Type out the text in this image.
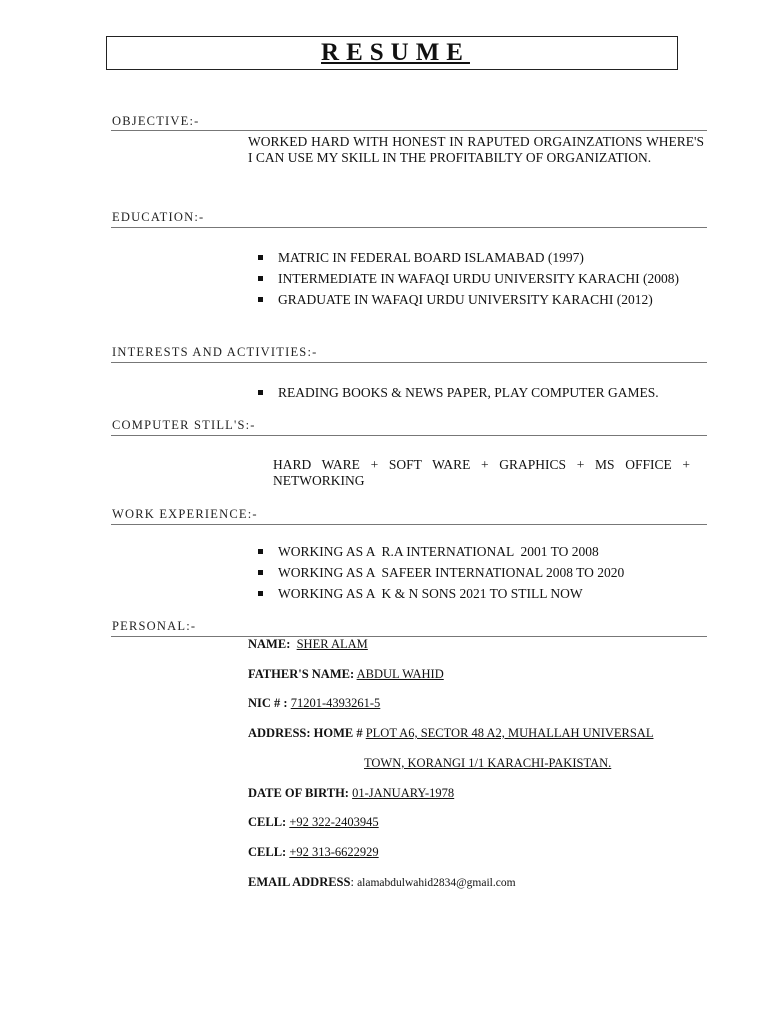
RESUME
OBJECTIVE:-
WORKED HARD WITH HONEST IN RAPUTED ORGAINZATIONS WHERE'S I CAN USE MY SKILL IN THE PROFITABILTY OF ORGANIZATION.
EDUCATION:-
MATRIC IN FEDERAL BOARD ISLAMABAD (1997)
INTERMEDIATE IN WAFAQI URDU UNIVERSITY KARACHI (2008)
GRADUATE IN WAFAQI URDU UNIVERSITY KARACHI (2012)
INTERESTS AND ACTIVITIES:-
READING BOOKS & NEWS PAPER, PLAY COMPUTER GAMES.
COMPUTER STILL'S:-
HARD WARE + SOFT WARE + GRAPHICS + MS OFFICE + NETWORKING
WORK EXPERIENCE:-
WORKING AS A  R.A INTERNATIONAL  2001 TO 2008
WORKING AS A  SAFEER INTERNATIONAL 2008 TO 2020
WORKING AS A  K & N SONS 2021 TO STILL NOW
PERSONAL:-
NAME: SHER ALAM
FATHER'S NAME: ABDUL WAHID
NIC # : 71201-4393261-5
ADDRESS: HOME # PLOT A6, SECTOR 48 A2, MUHALLAH UNIVERSAL
TOWN, KORANGI 1/1 KARACHI-PAKISTAN.
DATE OF BIRTH: 01-JANUARY-1978
CELL: +92 322-2403945
CELL: +92 313-6622929
EMAIL ADDRESS: alamabdulwahid2834@gmail.com
